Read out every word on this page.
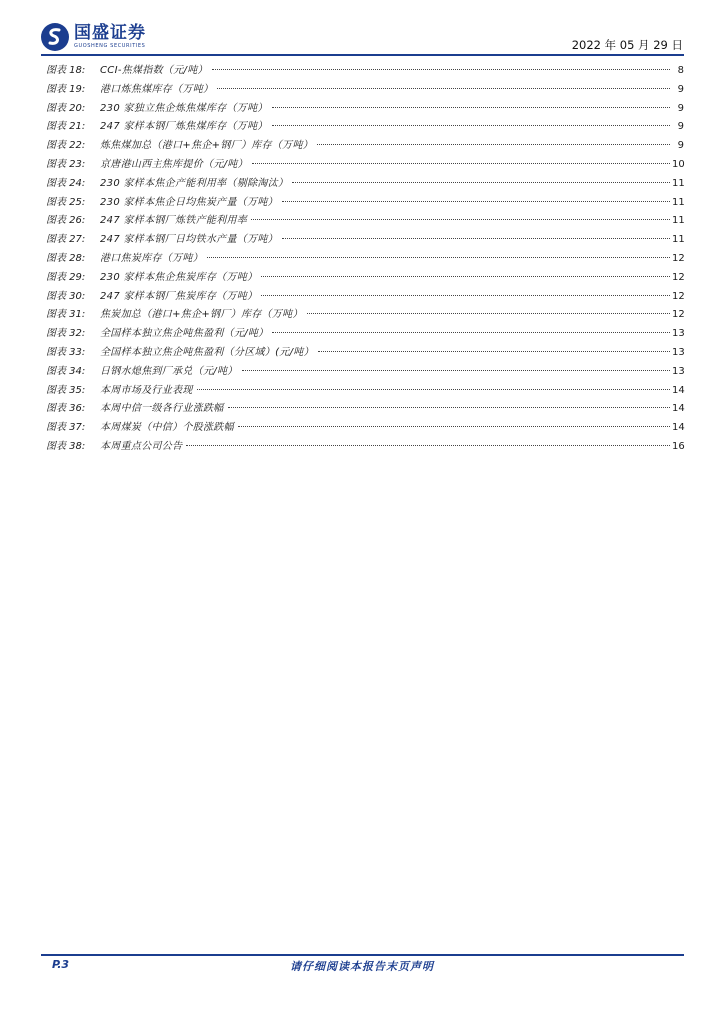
国盛证券
GUOSHENG SECURITIES	2022 年 05 月 29 日
图表 18:	CCI-焦煤指数（元/吨）	8
图表 19:	港口炼焦煤库存（万吨）	9
图表 20:	230 家独立焦企炼焦煤库存（万吨）	9
图表 21:	247 家样本钢厂炼焦煤库存（万吨）	9
图表 22:	炼焦煤加总（港口+焦企+钢厂）库存（万吨）	9
图表 23:	京唐港山西主焦库提价（元/吨）	10
图表 24:	230 家样本焦企产能利用率（剔除淘汰）	11
图表 25:	230 家样本焦企日均焦炭产量（万吨）	11
图表 26:	247 家样本钢厂炼铁产能利用率	11
图表 27:	247 家样本钢厂日均铁水产量（万吨）	11
图表 28:	港口焦炭库存（万吨）	12
图表 29:	230 家样本焦企焦炭库存（万吨）	12
图表 30:	247 家样本钢厂焦炭库存（万吨）	12
图表 31:	焦炭加总（港口+焦企+钢厂）库存（万吨）	12
图表 32:	全国样本独立焦企吨焦盈利（元/吨）	13
图表 33:	全国样本独立焦企吨焦盈利（分区域）(元/吨）	13
图表 34:	日钢水熄焦到厂承兑（元/吨）	13
图表 35:	本周市场及行业表现	14
图表 36:	本周中信一级各行业涨跌幅	14
图表 37:	本周煤炭（中信）个股涨跌幅	14
图表 38:	本周重点公司公告	16
P.3	请仔细阅读本报告末页声明
